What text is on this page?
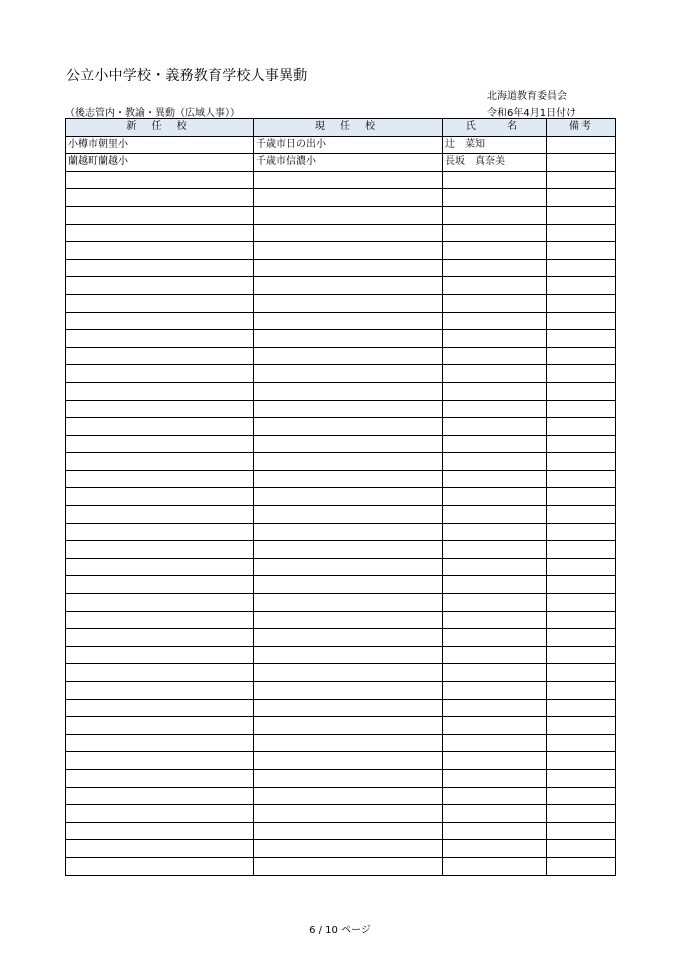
公立小中学校・義務教育学校人事異動
北海道教育委員会
（後志管内・教諭・異動（広域人事））	令和6年4月1日付け
新 任 校	現 任 校	氏　 名	備考
小樽市朝里小	千歳市日の出小	辻　菜知	
蘭越町蘭越小	千歳市信濃小	長坂　真奈美	

6 / 10 ページ
